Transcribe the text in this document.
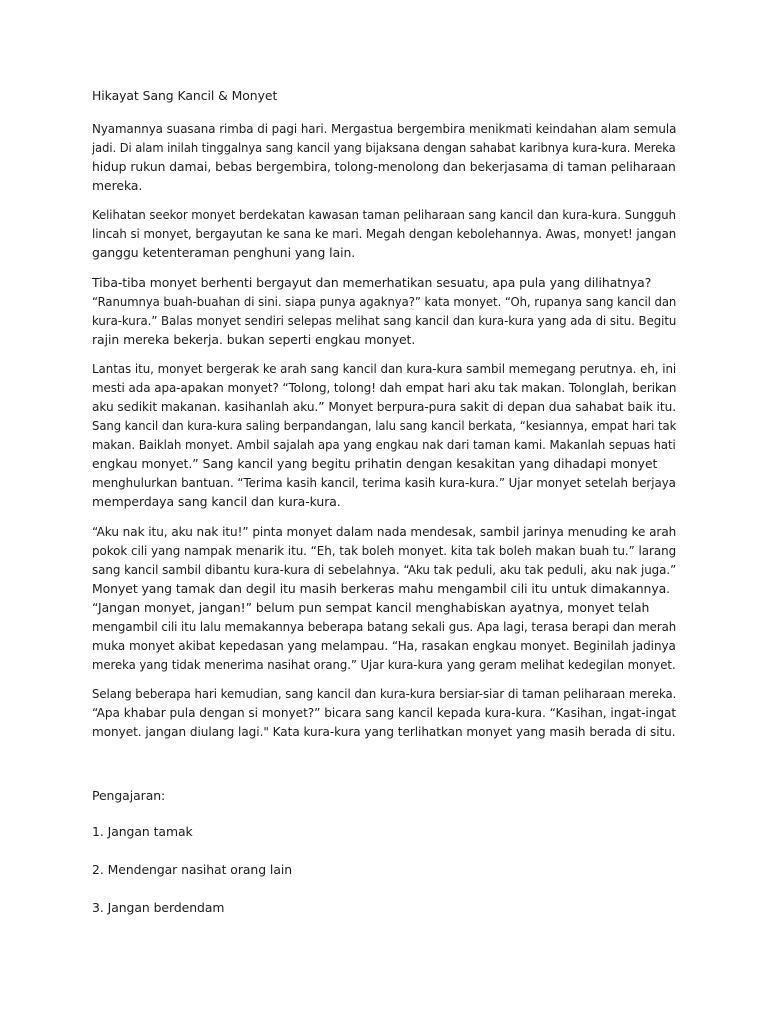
Hikayat Sang Kancil & Monyet
Nyamannya suasana rimba di pagi hari. Mergastua bergembira menikmati keindahan alam semula
jadi. Di alam inilah tinggalnya sang kancil yang bijaksana dengan sahabat karibnya kura-kura. Mereka
hidup rukun damai, bebas bergembira, tolong-menolong dan bekerjasama di taman peliharaan
mereka.
Kelihatan seekor monyet berdekatan kawasan taman peliharaan sang kancil dan kura-kura. Sungguh
lincah si monyet, bergayutan ke sana ke mari. Megah dengan kebolehannya. Awas, monyet! jangan
ganggu ketenteraman penghuni yang lain.
Tiba-tiba monyet berhenti bergayut dan memerhatikan sesuatu, apa pula yang dilihatnya?
“Ranumnya buah-buahan di sini. siapa punya agaknya?” kata monyet. “Oh, rupanya sang kancil dan
kura-kura.” Balas monyet sendiri selepas melihat sang kancil dan kura-kura yang ada di situ. Begitu
rajin mereka bekerja. bukan seperti engkau monyet.
Lantas itu, monyet bergerak ke arah sang kancil dan kura-kura sambil memegang perutnya. eh, ini
mesti ada apa-apakan monyet? “Tolong, tolong! dah empat hari aku tak makan. Tolonglah, berikan
aku sedikit makanan. kasihanlah aku.” Monyet berpura-pura sakit di depan dua sahabat baik itu.
Sang kancil dan kura-kura saling berpandangan, lalu sang kancil berkata, “kesiannya, empat hari tak
makan. Baiklah monyet. Ambil sajalah apa yang engkau nak dari taman kami. Makanlah sepuas hati
engkau monyet.” Sang kancil yang begitu prihatin dengan kesakitan yang dihadapi monyet
menghulurkan bantuan. “Terima kasih kancil, terima kasih kura-kura.” Ujar monyet setelah berjaya
memperdaya sang kancil dan kura-kura.
“Aku nak itu, aku nak itu!” pinta monyet dalam nada mendesak, sambil jarinya menuding ke arah
pokok cili yang nampak menarik itu. “Eh, tak boleh monyet. kita tak boleh makan buah tu.” larang
sang kancil sambil dibantu kura-kura di sebelahnya. “Aku tak peduli, aku tak peduli, aku nak juga.”
Monyet yang tamak dan degil itu masih berkeras mahu mengambil cili itu untuk dimakannya.
“Jangan monyet, jangan!” belum pun sempat kancil menghabiskan ayatnya, monyet telah
mengambil cili itu lalu memakannya beberapa batang sekali gus. Apa lagi, terasa berapi dan merah
muka monyet akibat kepedasan yang melampau. “Ha, rasakan engkau monyet. Beginilah jadinya
mereka yang tidak menerima nasihat orang.” Ujar kura-kura yang geram melihat kedegilan monyet.
Selang beberapa hari kemudian, sang kancil dan kura-kura bersiar-siar di taman peliharaan mereka.
“Apa khabar pula dengan si monyet?” bicara sang kancil kepada kura-kura. “Kasihan, ingat-ingat
monyet. jangan diulang lagi." Kata kura-kura yang terlihatkan monyet yang masih berada di situ.
Pengajaran:
1. Jangan tamak
2. Mendengar nasihat orang lain
3. Jangan berdendam
